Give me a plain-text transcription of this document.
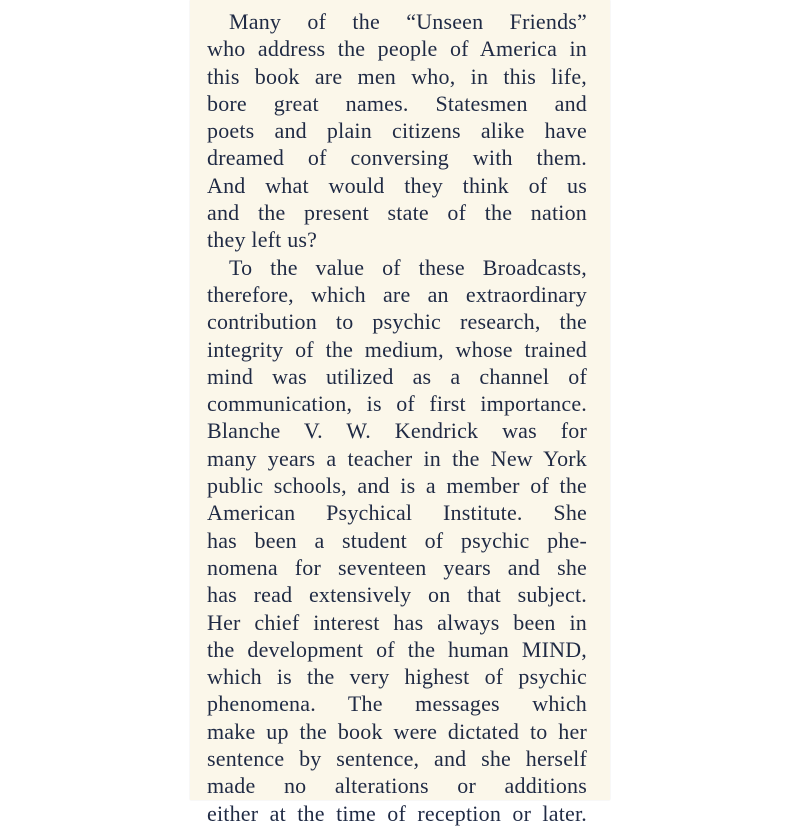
Many of the “Unseen Friends”
who address the people of America in
this book are men who, in this life,
bore great names. Statesmen and
poets and plain citizens alike have
dreamed of conversing with them.
And what would they think of us
and the present state of the nation
they left us?
To the value of these Broadcasts,
therefore, which are an extraordinary
contribution to psychic research, the
integrity of the medium, whose trained
mind was utilized as a channel of
communication, is of first importance.
Blanche V. W. Kendrick was for
many years a teacher in the New York
public schools, and is a member of the
American Psychical Institute. She
has been a student of psychic phe-
nomena for seventeen years and she
has read extensively on that subject.
Her chief interest has always been in
the development of the human MIND,
which is the very highest of psychic
phenomena. The messages which
make up the book were dictated to her
sentence by sentence, and she herself
made no alterations or additions
either at the time of reception or later.
